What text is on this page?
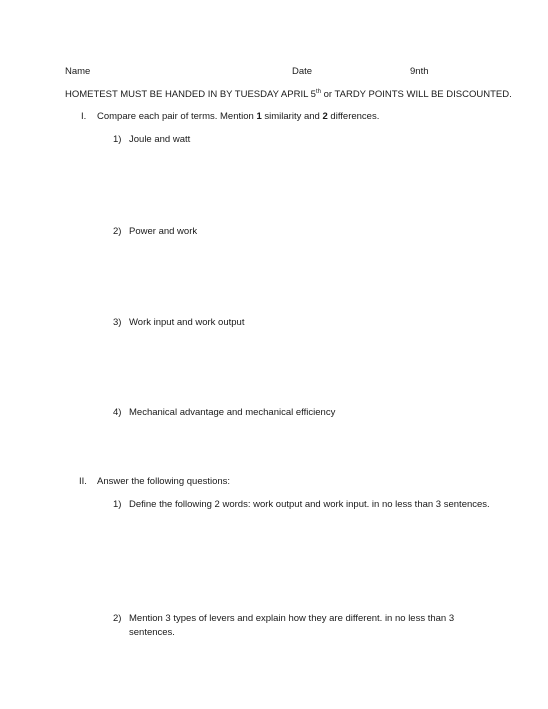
Name	Date	9nth
HOMETEST MUST BE HANDED IN BY TUESDAY APRIL 5th or TARDY POINTS WILL BE DISCOUNTED.
I. Compare each pair of terms. Mention 1 similarity and 2 differences.
1) Joule and watt
2) Power and work
3) Work input and work output
4) Mechanical advantage and mechanical efficiency
II. Answer the following questions:
1) Define the following 2 words: work output and work input. in no less than 3 sentences.
2) Mention 3 types of levers and explain how they are different. in no less than 3
sentences.
